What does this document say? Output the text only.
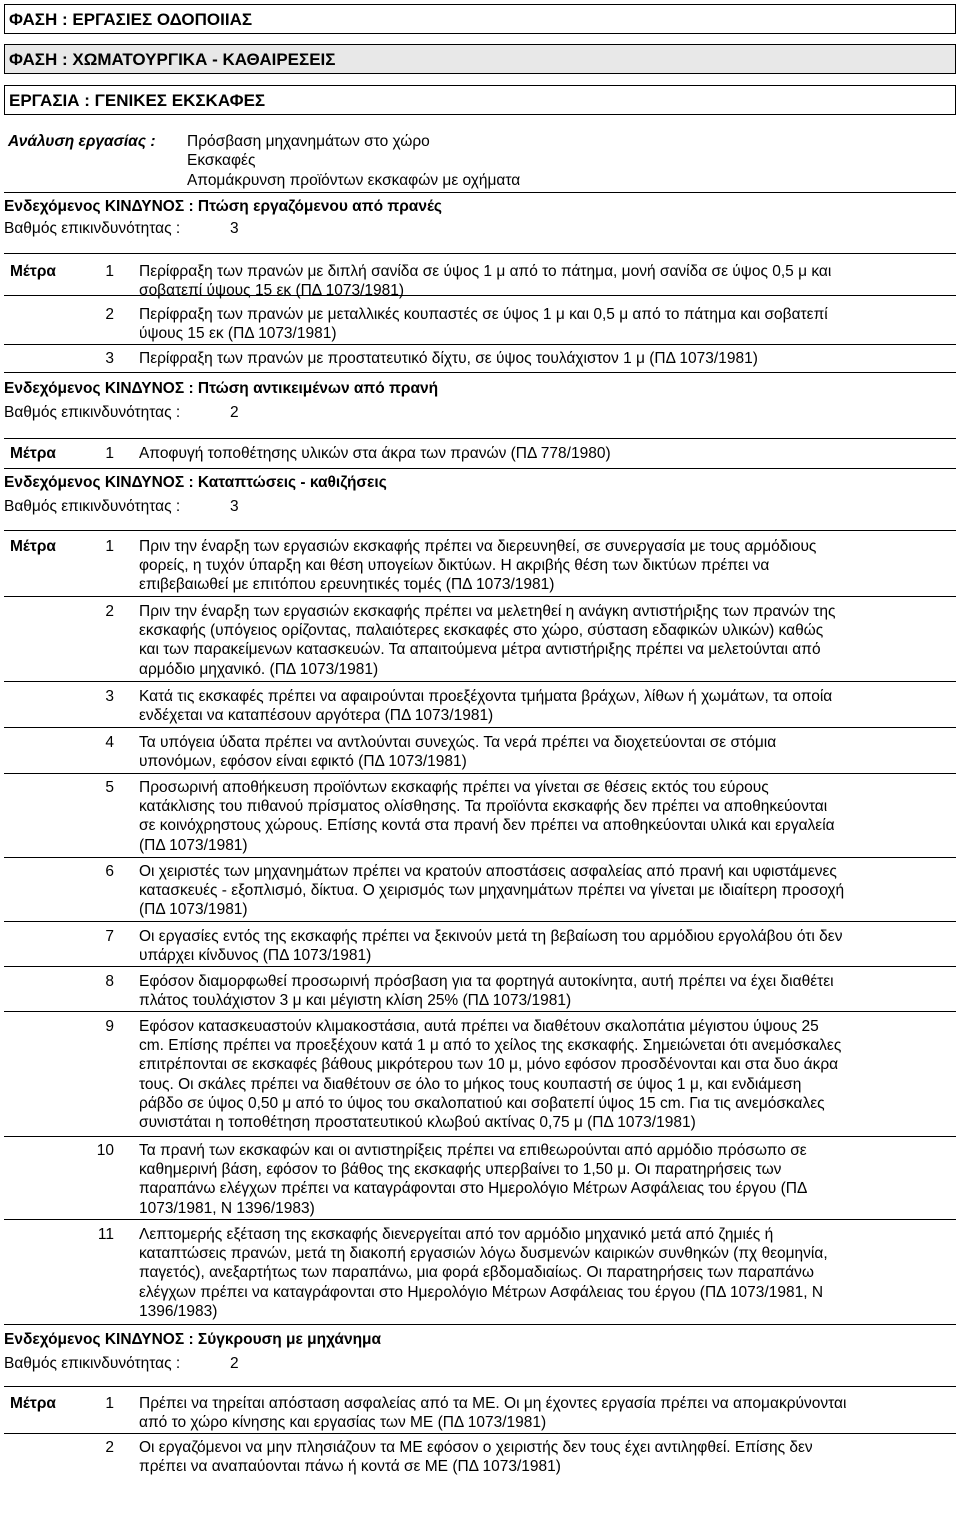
ΦΑΣΗ : ΕΡΓΑΣΙΕΣ ΟΔΟΠΟΙΙΑΣ
ΦΑΣΗ : ΧΩΜΑΤΟΥΡΓΙΚΑ - ΚΑΘΑΙΡΕΣΕΙΣ
ΕΡΓΑΣΙΑ : ΓΕΝΙΚΕΣ ΕΚΣΚΑΦΕΣ
Ανάλυση εργασίας : Πρόσβαση μηχανημάτων στο χώρο
Εκσκαφές
Απομάκρυνση προϊόντων εκσκαφών με οχήματα
Ενδεχόμενος ΚΙΝΔΥΝΟΣ : Πτώση εργαζόμενου από πρανές
Βαθμός επικινδυνότητας :	3
Μέτρα	1 Περίφραξη των πρανών με διπλή σανίδα σε ύψος 1 μ από το πάτημα, μονή σανίδα σε ύψος 0,5 μ και
σοβατεπί ύψους 15 εκ (ΠΔ 1073/1981)
2 Περίφραξη των πρανών με μεταλλικές κουπαστές σε ύψος 1 μ και 0,5 μ από το πάτημα και σοβατεπί
ύψους 15 εκ (ΠΔ 1073/1981)
3 Περίφραξη των πρανών με προστατευτικό δίχτυ, σε ύψος τουλάχιστον 1 μ (ΠΔ 1073/1981)
Ενδεχόμενος ΚΙΝΔΥΝΟΣ : Πτώση αντικειμένων από πρανή
Βαθμός επικινδυνότητας :	2
Μέτρα	1 Αποφυγή τοποθέτησης υλικών στα άκρα των πρανών (ΠΔ 778/1980)
Ενδεχόμενος ΚΙΝΔΥΝΟΣ : Καταπτώσεις - καθιζήσεις
Βαθμός επικινδυνότητας :	3
Μέτρα	1 Πριν την έναρξη των εργασιών εκσκαφής πρέπει να διερευνηθεί, σε συνεργασία με τους αρμόδιους
φορείς, η τυχόν ύπαρξη και θέση υπογείων δικτύων. Η ακριβής θέση των δικτύων πρέπει να
επιβεβαιωθεί με επιτόπου ερευνητικές τομές (ΠΔ 1073/1981)
2 Πριν την έναρξη των εργασιών εκσκαφής πρέπει να μελετηθεί η ανάγκη αντιστήριξης των πρανών της
εκσκαφής (υπόγειος ορίζοντας, παλαιότερες εκσκαφές στο χώρο, σύσταση εδαφικών υλικών) καθώς
και των παρακείμενων κατασκευών. Τα απαιτούμενα μέτρα αντιστήριξης πρέπει να μελετούνται από
αρμόδιο μηχανικό. (ΠΔ 1073/1981)
3 Κατά τις εκσκαφές πρέπει να αφαιρούνται προεξέχοντα τμήματα βράχων, λίθων ή χωμάτων, τα οποία
ενδέχεται να καταπέσουν αργότερα (ΠΔ 1073/1981)
4 Τα υπόγεια ύδατα πρέπει να αντλούνται συνεχώς. Τα νερά πρέπει να διοχετεύονται σε στόμια
υπονόμων, εφόσον είναι εφικτό (ΠΔ 1073/1981)
5 Προσωρινή αποθήκευση προϊόντων εκσκαφής πρέπει να γίνεται σε θέσεις εκτός του εύρους
κατάκλισης του πιθανού πρίσματος ολίσθησης. Τα προϊόντα εκσκαφής δεν πρέπει να αποθηκεύονται
σε κοινόχρηστους χώρους. Επίσης κοντά στα πρανή δεν πρέπει να αποθηκεύονται υλικά και εργαλεία
(ΠΔ 1073/1981)
6 Οι χειριστές των μηχανημάτων πρέπει να κρατούν αποστάσεις ασφαλείας από πρανή και υφιστάμενες
κατασκευές - εξοπλισμό, δίκτυα. Ο χειρισμός των μηχανημάτων πρέπει να γίνεται με ιδιαίτερη προσοχή
(ΠΔ 1073/1981)
7 Οι εργασίες εντός της εκσκαφής πρέπει να ξεκινούν μετά τη βεβαίωση του αρμόδιου εργολάβου ότι δεν
υπάρχει κίνδυνος (ΠΔ 1073/1981)
8 Εφόσον διαμορφωθεί προσωρινή πρόσβαση για τα φορτηγά αυτοκίνητα, αυτή πρέπει να έχει διαθέτει
πλάτος τουλάχιστον 3 μ και μέγιστη κλίση 25% (ΠΔ 1073/1981)
9 Εφόσον κατασκευαστούν κλιμακοστάσια, αυτά πρέπει να διαθέτουν σκαλοπάτια μέγιστου ύψους 25
cm. Επίσης πρέπει να προεξέχουν κατά 1 μ από το χείλος της εκσκαφής. Σημειώνεται ότι ανεμόσκαλες
επιτρέπονται σε εκσκαφές βάθους μικρότερου των 10 μ, μόνο εφόσον προσδένονται και στα δυο άκρα
τους. Οι σκάλες πρέπει να διαθέτουν σε όλο το μήκος τους κουπαστή σε ύψος 1 μ, και ενδιάμεση
ράβδο σε ύψος 0,50 μ από το ύψος του σκαλοπατιού και σοβατεπί ύψος 15 cm. Για τις ανεμόσκαλες
συνιστάται η τοποθέτηση προστατευτικού κλωβού ακτίνας 0,75 μ (ΠΔ 1073/1981)
10 Τα πρανή των εκσκαφών και οι αντιστηρίξεις πρέπει να επιθεωρούνται από αρμόδιο πρόσωπο σε
καθημερινή βάση, εφόσον το βάθος της εκσκαφής υπερβαίνει το 1,50 μ. Οι παρατηρήσεις των
παραπάνω ελέγχων πρέπει να καταγράφονται στο Ημερολόγιο Μέτρων Ασφάλειας του έργου (ΠΔ
1073/1981, Ν 1396/1983)
11 Λεπτομερής εξέταση της εκσκαφής διενεργείται από τον αρμόδιο μηχανικό μετά από ζημιές ή
καταπτώσεις πρανών, μετά τη διακοπή εργασιών λόγω δυσμενών καιρικών συνθηκών (πχ θεομηνία,
παγετός), ανεξαρτήτως των παραπάνω, μια φορά εβδομαδιαίως. Οι παρατηρήσεις των παραπάνω
ελέγχων πρέπει να καταγράφονται στο Ημερολόγιο Μέτρων Ασφάλειας του έργου (ΠΔ 1073/1981, Ν
1396/1983)
Ενδεχόμενος ΚΙΝΔΥΝΟΣ : Σύγκρουση με μηχάνημα
Βαθμός επικινδυνότητας :	2
Μέτρα	1 Πρέπει να τηρείται απόσταση ασφαλείας από τα ΜΕ. Οι μη έχοντες εργασία πρέπει να απομακρύνονται
από το χώρο κίνησης και εργασίας των ΜΕ (ΠΔ 1073/1981)
2 Οι εργαζόμενοι να μην πλησιάζουν τα ΜΕ εφόσον ο χειριστής δεν τους έχει αντιληφθεί. Επίσης δεν
πρέπει να αναπαύονται πάνω ή κοντά σε ΜΕ (ΠΔ 1073/1981)
